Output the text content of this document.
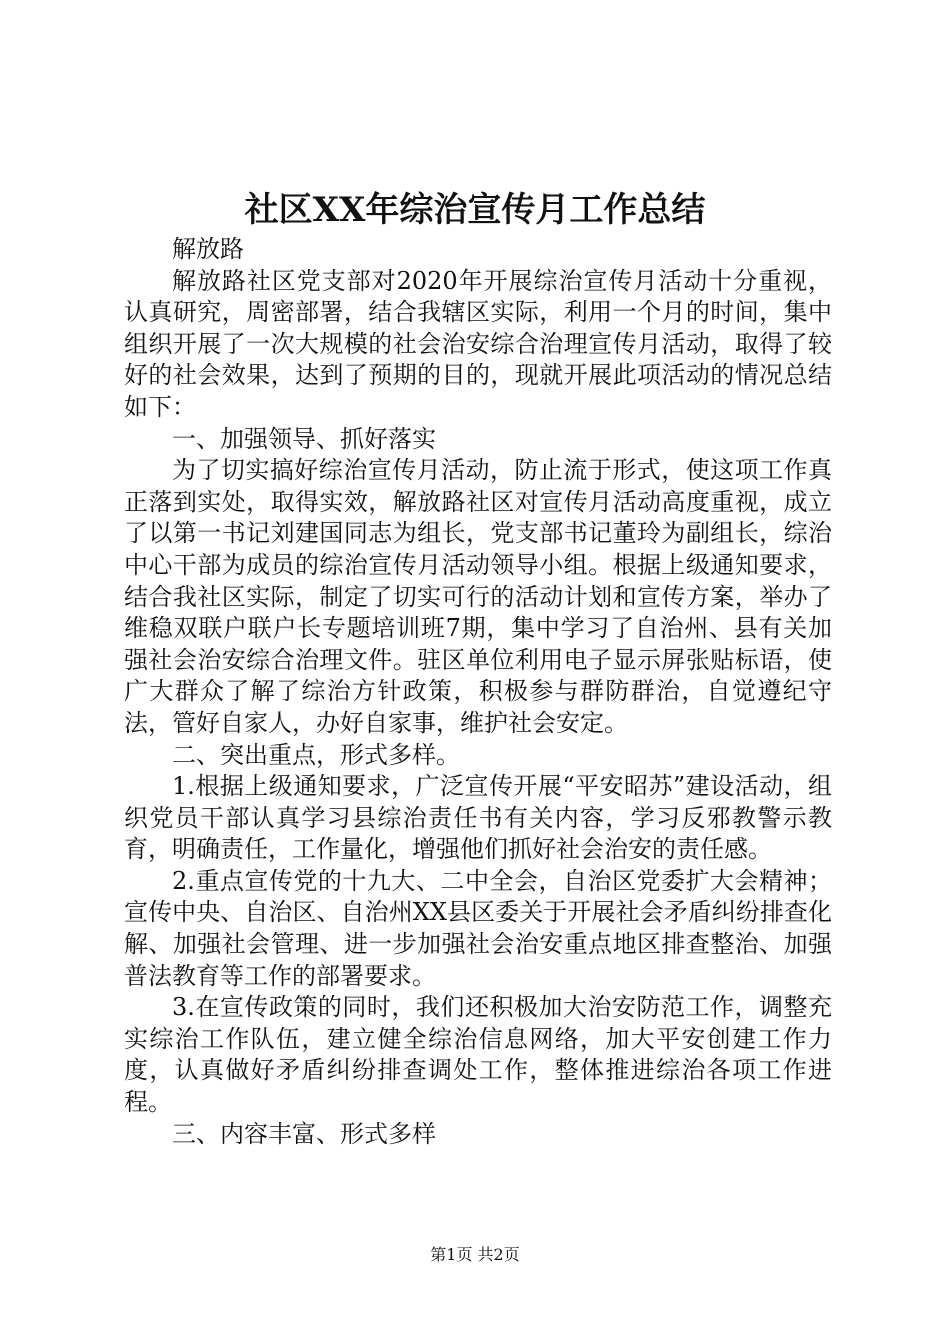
社区XX年综治宣传月工作总结

解放路

解放路社区党支部对2020年开展综治宣传月活动十分重视，认真研究，周密部署，结合我辖区实际，利用一个月的时间，集中组织开展了一次大规模的社会治安综合治理宣传月活动，取得了较好的社会效果，达到了预期的目的，现就开展此项活动的情况总结如下：

一、加强领导、抓好落实

为了切实搞好综治宣传月活动，防止流于形式，使这项工作真正落到实处，取得实效，解放路社区对宣传月活动高度重视，成立了以第一书记刘建国同志为组长，党支部书记董玲为副组长，综治中心干部为成员的综治宣传月活动领导小组。根据上级通知要求，结合我社区实际，制定了切实可行的活动计划和宣传方案，举办了维稳双联户联户长专题培训班7期，集中学习了自治州、县有关加强社会治安综合治理文件。驻区单位利用电子显示屏张贴标语，使广大群众了解了综治方针政策，积极参与群防群治，自觉遵纪守法，管好自家人，办好自家事，维护社会安定。

二、突出重点，形式多样。

1.根据上级通知要求，广泛宣传开展“平安昭苏”建设活动，组织党员干部认真学习县综治责任书有关内容，学习反邪教警示教育，明确责任，工作量化，增强他们抓好社会治安的责任感。

2.重点宣传党的十九大、二中全会，自治区党委扩大会精神；宣传中央、自治区、自治州XX县区委关于开展社会矛盾纠纷排查化解、加强社会管理、进一步加强社会治安重点地区排查整治、加强普法教育等工作的部署要求。

3.在宣传政策的同时，我们还积极加大治安防范工作，调整充实综治工作队伍，建立健全综治信息网络，加大平安创建工作力度，认真做好矛盾纠纷排查调处工作，整体推进综治各项工作进程。

三、内容丰富、形式多样

第1页 共2页
